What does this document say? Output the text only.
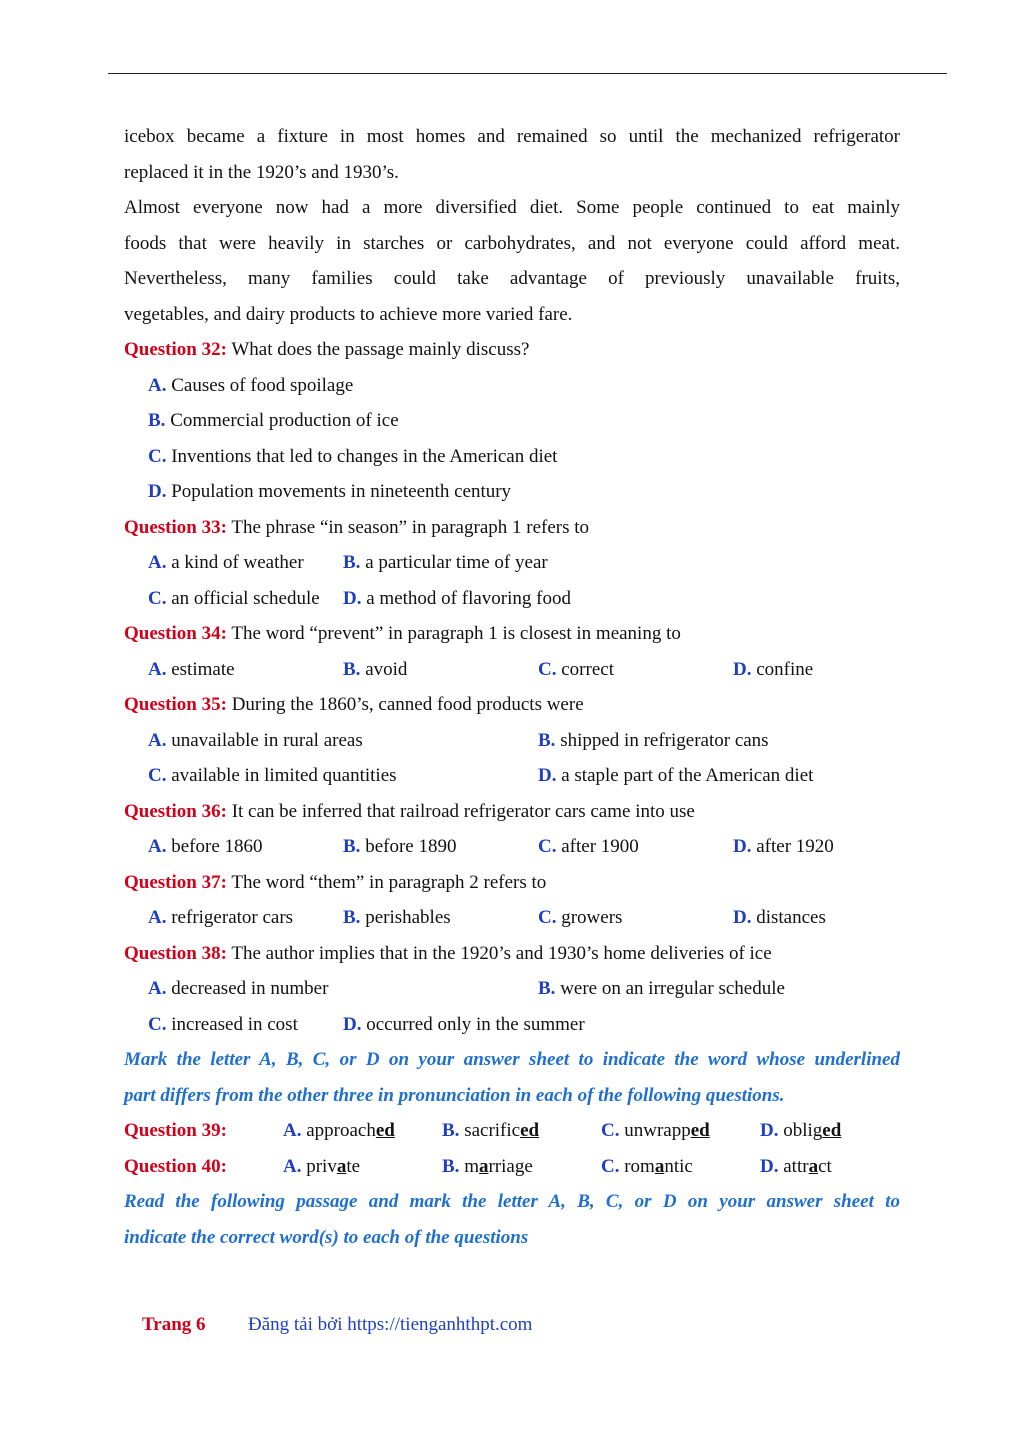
icebox became a fixture in most homes and remained so until the mechanized refrigerator

replaced it in the 1920’s and 1930’s.

Almost everyone now had a more diversified diet. Some people continued to eat mainly

foods that were heavily in starches or carbohydrates, and not everyone could afford meat.

Nevertheless, many families could take advantage of previously unavailable fruits,

vegetables, and dairy products to achieve more varied fare.

Question 32: What does the passage mainly discuss?

A. Causes of food spoilage

B. Commercial production of ice

C. Inventions that led to changes in the American diet

D. Population movements in nineteenth century

Question 33: The phrase “in season” in paragraph 1 refers to

A. a kind of weather B. a particular time of year
C. an official schedule D. a method of flavoring food

Question 34: The word “prevent” in paragraph 1 is closest in meaning to

A. estimate	B. avoid	C. correct	D. confine

Question 35: During the 1860’s, canned food products were

A. unavailable in rural areas	B. shipped in refrigerator cans
C. available in limited quantities	D. a staple part of the American diet

Question 36: It can be inferred that railroad refrigerator cars came into use

A. before 1860	B. before 1890	C. after 1900	D. after 1920

Question 37: The word “them” in paragraph 2 refers to

A. refrigerator cars	B. perishables	C. growers	D. distances

Question 38: The author implies that in the 1920’s and 1930’s home deliveries of ice

A. decreased in number	B. were on an irregular schedule
C. increased in cost D. occurred only in the summer

Mark the letter A, B, C, or D on your answer sheet to indicate the word whose underlined

part differs from the other three in pronunciation in each of the following questions.

Question 39:	A. approached B. sacrificed	C. unwrapped	D. obliged
Question 40:	A. private	B. marriage	C. romantic	D. attract

Read the following passage and mark the letter A, B, C, or D on your answer sheet to

indicate the correct word(s) to each of the questions

Trang 6 Đăng tải bởi https://tienganhthpt.com
